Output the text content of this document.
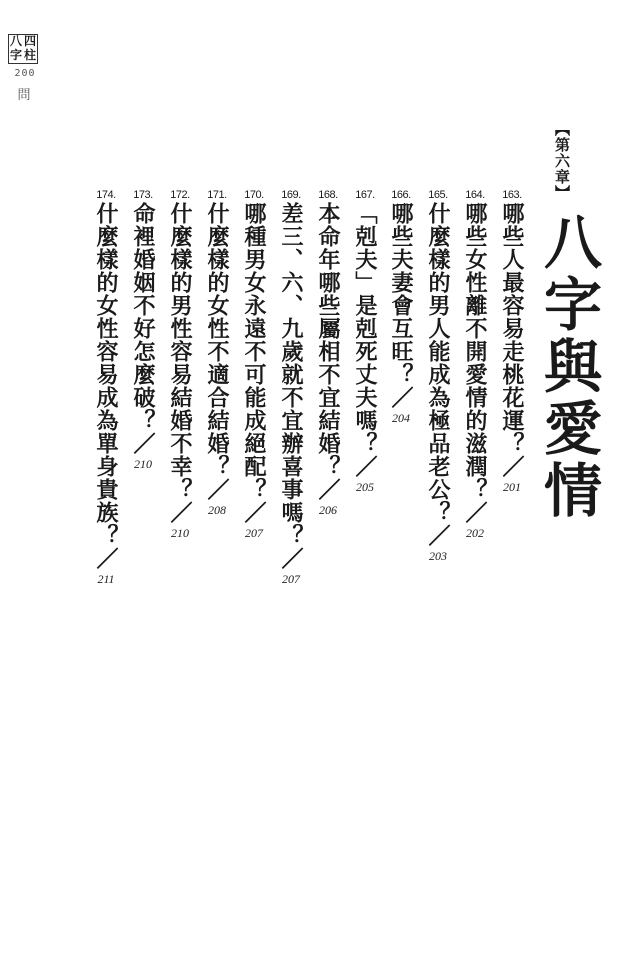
八 四
字 柱
200
問
【第六章】
八字與愛情
163.
哪些人最容易走桃花運？／
201
164.
哪些女性離不開愛情的滋潤？／
202
165.
什麼樣的男人能成為極品老公？／
203
166.
哪些夫妻會互旺？／
204
167.
「剋夫」是剋死丈夫嗎？／
205
168.
本命年哪些屬相不宜結婚？／
206
169.
差三、六、九歲就不宜辦喜事嗎？／
207
170.
哪種男女永遠不可能成絕配？／
207
171.
什麼樣的女性不適合結婚？／
208
172.
什麼樣的男性容易結婚不幸？／
210
173.
命裡婚姻不好怎麼破？／
210
174.
什麼樣的女性容易成為單身貴族？／
211
